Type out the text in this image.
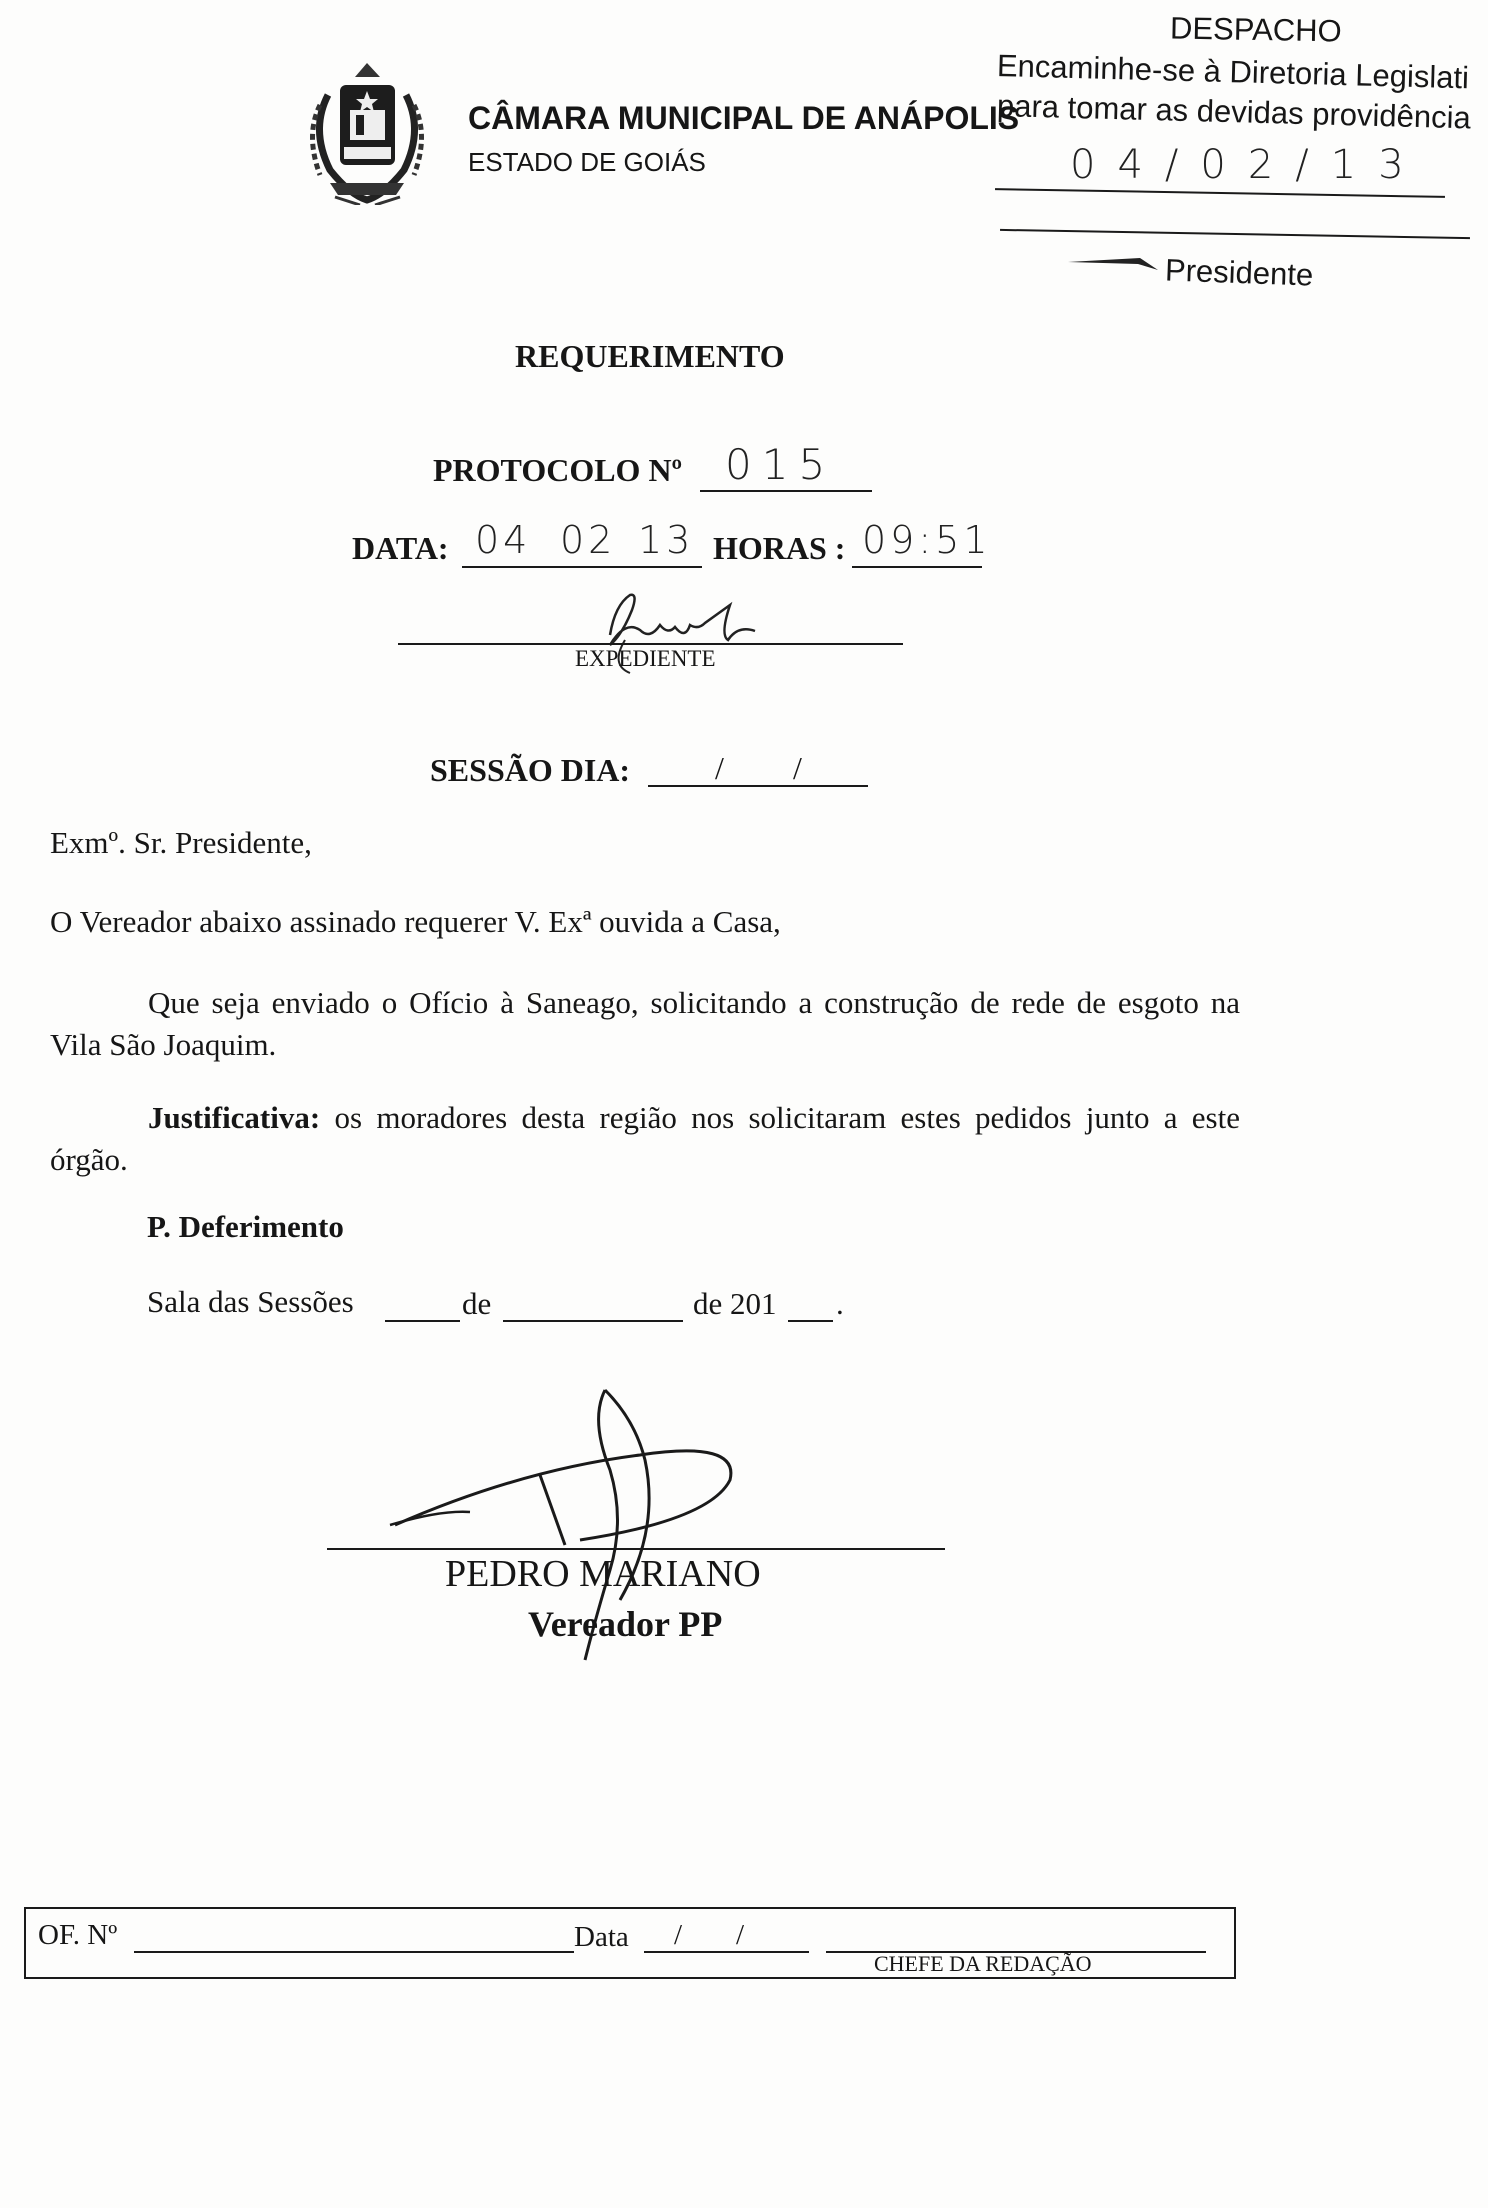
CÂMARA MUNICIPAL DE ANÁPOLIS
ESTADO DE GOIÁS
DESPACHO
Encaminhe-se à Diretoria Legislati
para tomar as devidas providência
04/02/13
Presidente
REQUERIMENTO
PROTOCOLO Nº 015
DATA: 04 02 13 HORAS : 09:51
EXPEDIENTE
SESSÃO DIA:	/ /
Exmº. Sr. Presidente,
O Vereador abaixo assinado requerer V. Exª ouvida a Casa,
Que seja enviado o Ofício à Saneago, solicitando a construção de rede de esgoto na Vila São Joaquim.
Justificativa: os moradores desta região nos solicitaram estes pedidos junto a este órgão.
P. Deferimento
Sala das Sessões	de	de 201 .
PEDRO MARIANO
Vereador PP
OF. Nº	Data / /
CHEFE DA REDAÇÃO
